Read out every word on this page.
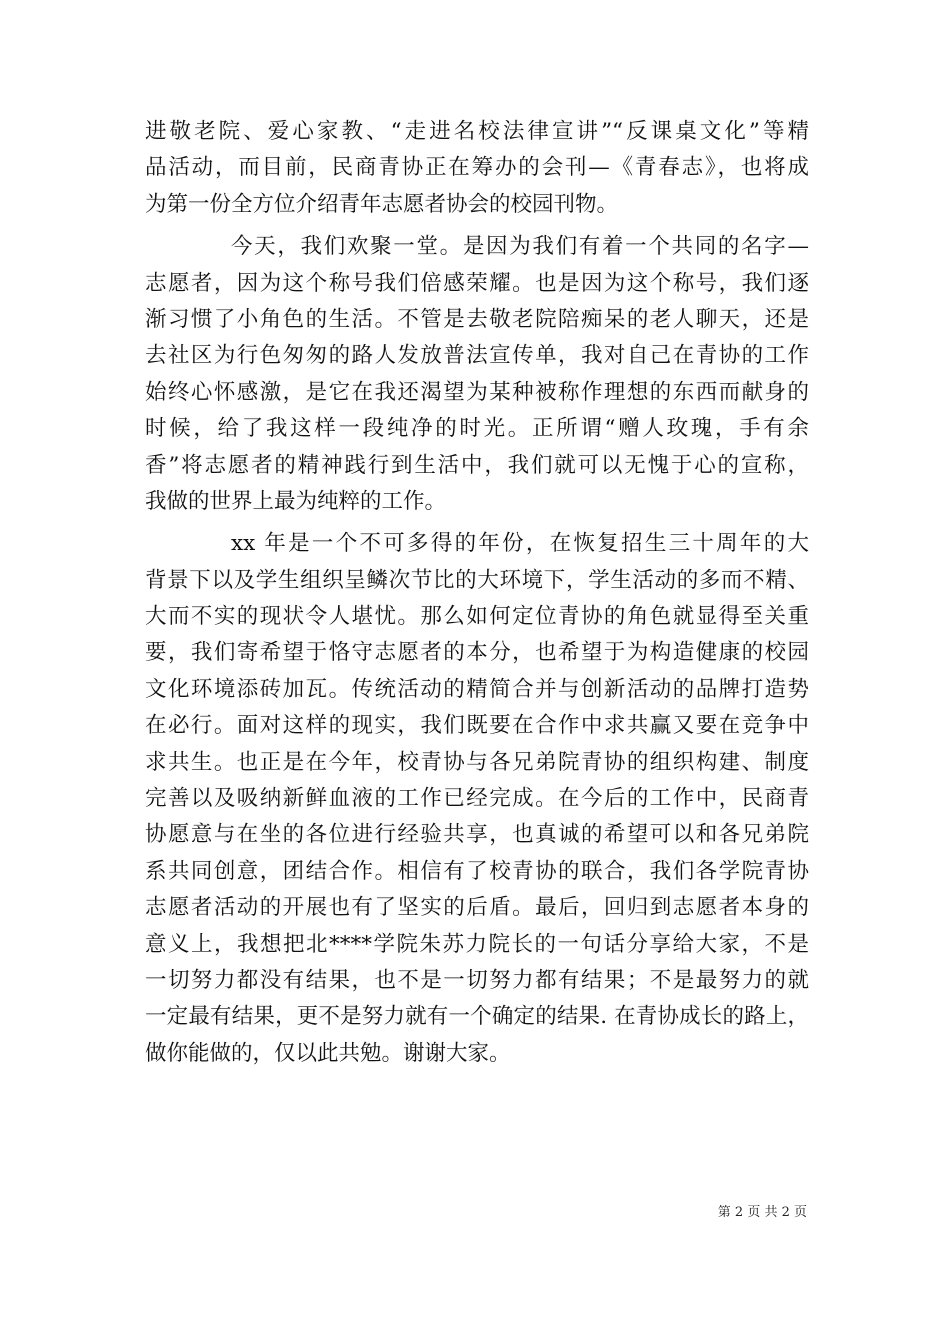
进敬老院、爱心家教、“走进名校法律宣讲”“反课桌文化”等精
品活动，而目前，民商青协正在筹办的会刊—《青春志》，也将成
为第一份全方位介绍青年志愿者协会的校园刊物。
今天，我们欢聚一堂。是因为我们有着一个共同的名字—
志愿者，因为这个称号我们倍感荣耀。也是因为这个称号，我们逐
渐习惯了小角色的生活。不管是去敬老院陪痴呆的老人聊天，还是
去社区为行色匆匆的路人发放普法宣传单，我对自己在青协的工作
始终心怀感激，是它在我还渴望为某种被称作理想的东西而献身的
时候，给了我这样一段纯净的时光。正所谓“赠人玫瑰，手有余
香”将志愿者的精神践行到生活中，我们就可以无愧于心的宣称，
我做的世界上最为纯粹的工作。
xx 年是一个不可多得的年份，在恢复招生三十周年的大
背景下以及学生组织呈鳞次节比的大环境下，学生活动的多而不精、
大而不实的现状令人堪忧。那么如何定位青协的角色就显得至关重
要，我们寄希望于恪守志愿者的本分，也希望于为构造健康的校园
文化环境添砖加瓦。传统活动的精简合并与创新活动的品牌打造势
在必行。面对这样的现实，我们既要在合作中求共赢又要在竞争中
求共生。也正是在今年，校青协与各兄弟院青协的组织构建、制度
完善以及吸纳新鲜血液的工作已经完成。在今后的工作中，民商青
协愿意与在坐的各位进行经验共享，也真诚的希望可以和各兄弟院
系共同创意，团结合作。相信有了校青协的联合，我们各学院青协
志愿者活动的开展也有了坚实的后盾。最后，回归到志愿者本身的
意义上，我想把北****学院朱苏力院长的一句话分享给大家，不是
一切努力都没有结果，也不是一切努力都有结果；不是最努力的就
一定最有结果，更不是努力就有一个确定的结果. 在青协成长的路上，
做你能做的，仅以此共勉。谢谢大家。
第 2 页 共 2 页
